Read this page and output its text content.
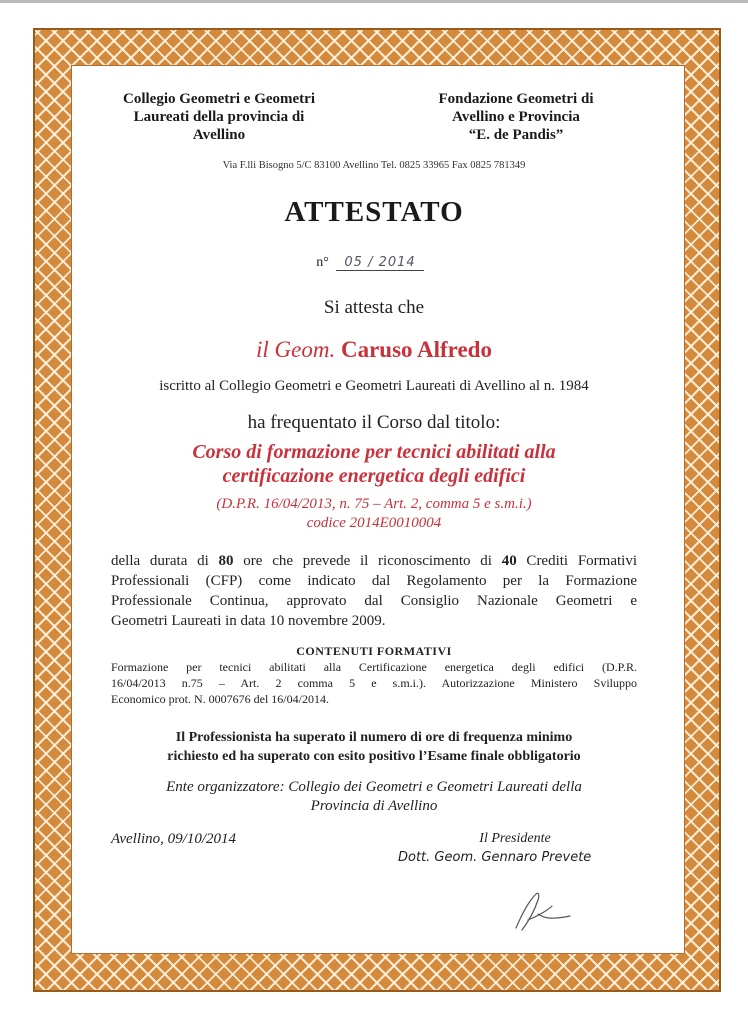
Collegio Geometri e Geometri
Laureati della provincia di
Avellino
Fondazione Geometri di
Avellino e Provincia
“E. de Pandis”
Via F.lli Bisogno 5/C 83100 Avellino Tel. 0825 33965 Fax 0825 781349
ATTESTATO
n° 05 / 2014
Si attesta che
il Geom. Caruso Alfredo
iscritto al Collegio Geometri e Geometri Laureati di Avellino al n. 1984
ha frequentato il Corso dal titolo:
Corso di formazione per tecnici abilitati alla
certificazione energetica degli edifici
(D.P.R. 16/04/2013, n. 75 – Art. 2, comma 5 e s.m.i.)
codice 2014E0010004
della durata di 80 ore che prevede il riconoscimento di 40 Crediti Formativi
Professionali (CFP) come indicato dal Regolamento per la Formazione
Professionale Continua, approvato dal Consiglio Nazionale Geometri e
Geometri Laureati in data 10 novembre 2009.
CONTENUTI FORMATIVI
Formazione per tecnici abilitati alla Certificazione energetica degli edifici (D.P.R.
16/04/2013 n.75 – Art. 2 comma 5 e s.m.i.). Autorizzazione Ministero Sviluppo
Economico prot. N. 0007676 del 16/04/2014.
Il Professionista ha superato il numero di ore di frequenza minimo
richiesto ed ha superato con esito positivo l’Esame finale obbligatorio
Ente organizzatore: Collegio dei Geometri e Geometri Laureati della
Provincia di Avellino
Avellino, 09/10/2014	Il Presidente
Dott. Geom. Gennaro Prevete
